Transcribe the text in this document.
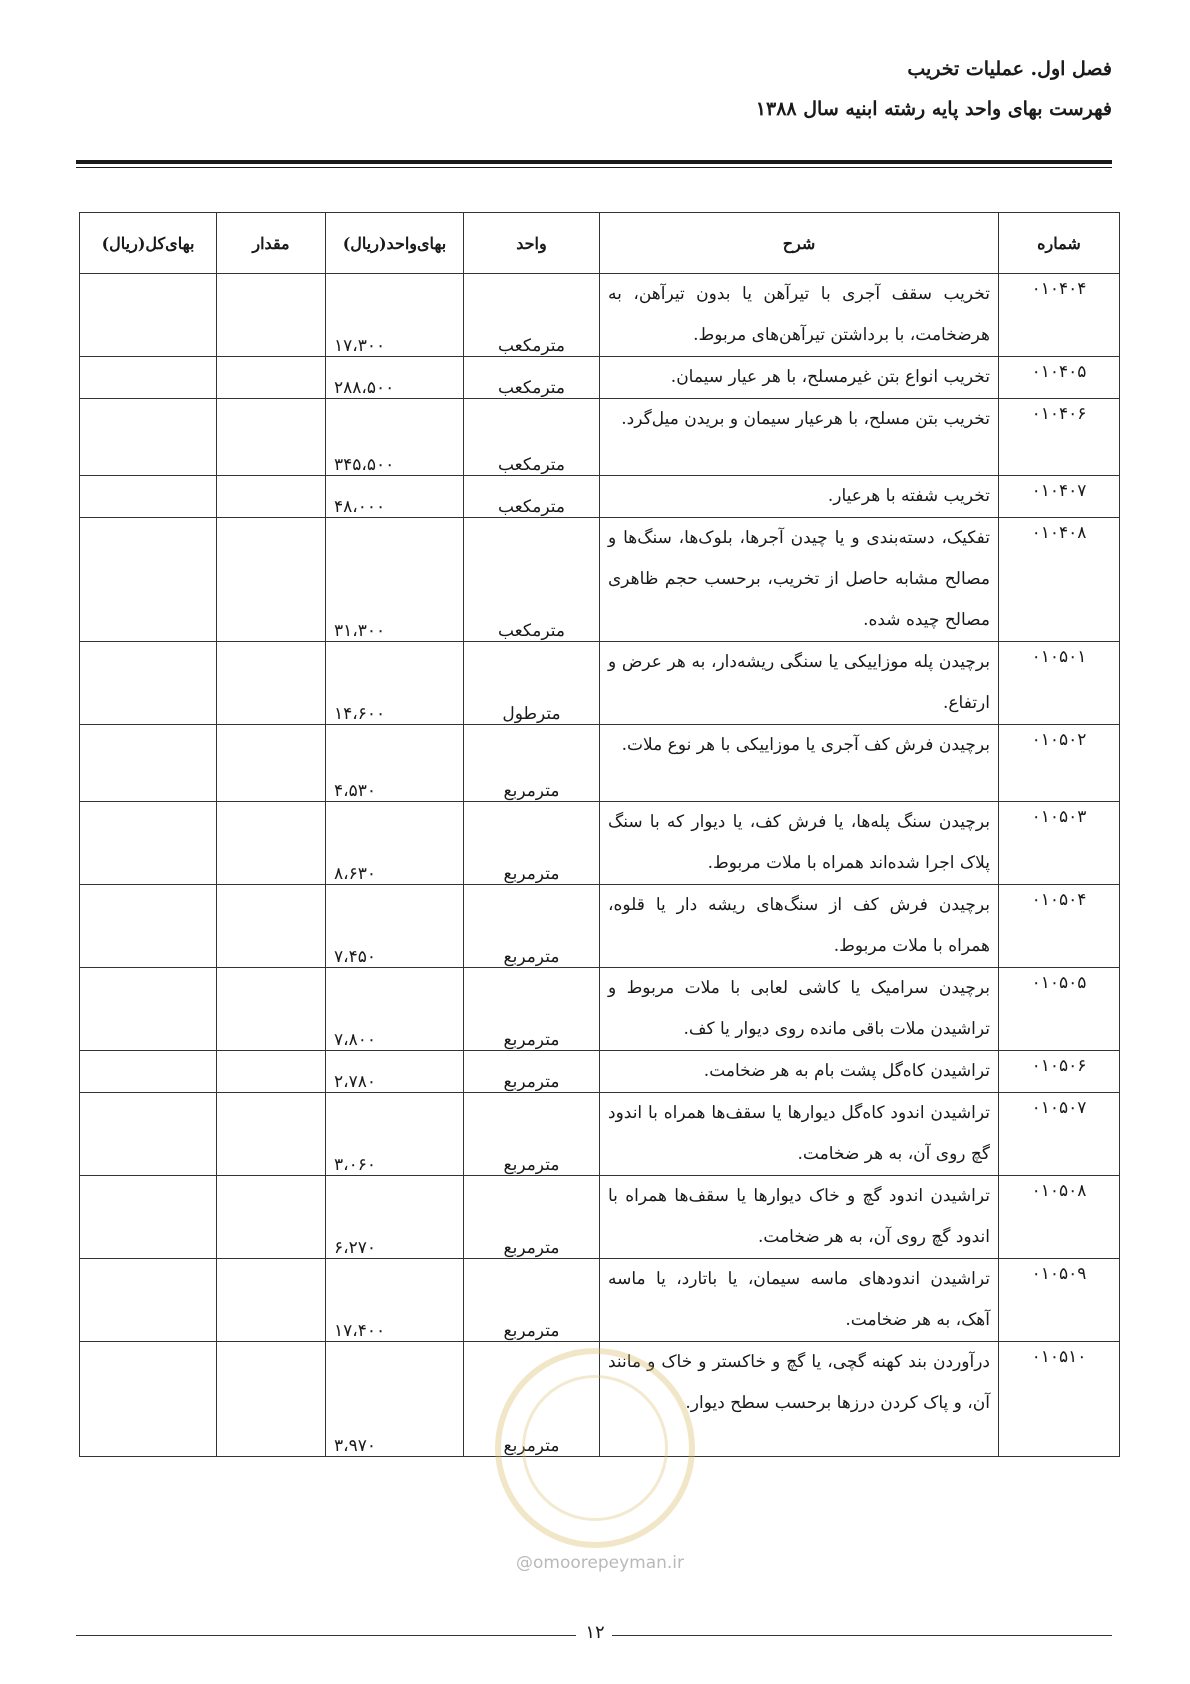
فصل اول. عملیات تخریب

فهرست بهای واحد پایه رشته ابنیه سال ۱۳۸۸

شماره	شرح	واحد	بهای‌واحد(ریال)	مقدار	بهای‌کل(ریال)
۰۱۰۴۰۴	تخریب سقف آجری با تیرآهن یا بدون تیرآهن، به هرضخامت، با برداشتن تیرآهن‌های مربوط.	مترمکعب	۱۷،۳۰۰		
۰۱۰۴۰۵	تخریب انواع بتن غیرمسلح، با هر عیار سیمان.	مترمکعب	۲۸۸،۵۰۰		
۰۱۰۴۰۶	تخریب بتن مسلح، با هرعیار سیمان و بریدن میل‌گرد.	مترمکعب	۳۴۵،۵۰۰		
۰۱۰۴۰۷	تخریب شفته با هرعیار.	مترمکعب	۴۸،۰۰۰		
۰۱۰۴۰۸	تفکیک، دسته‌بندی و یا چیدن آجرها، بلوک‌ها، سنگ‌ها و مصالح مشابه حاصل از تخریب، برحسب حجم ظاهری مصالح چیده شده.	مترمکعب	۳۱،۳۰۰		
۰۱۰۵۰۱	برچیدن پله موزاییکی یا سنگی ریشه‌دار، به هر عرض و ارتفاع.	مترطول	۱۴،۶۰۰		
۰۱۰۵۰۲	برچیدن فرش کف آجری یا موزاییکی با هر نوع ملات.	مترمربع	۴،۵۳۰		
۰۱۰۵۰۳	برچیدن سنگ پله‌ها، یا فرش کف، یا دیوار که با سنگ پلاک اجرا شده‌اند همراه با ملات مربوط.	مترمربع	۸،۶۳۰		
۰۱۰۵۰۴	برچیدن فرش کف از سنگ‌های ریشه دار یا قلوه، همراه با ملات مربوط.	مترمربع	۷،۴۵۰		
۰۱۰۵۰۵	برچیدن سرامیک یا کاشی لعابی با ملات مربوط و تراشیدن ملات باقی مانده روی دیوار یا کف.	مترمربع	۷،۸۰۰		
۰۱۰۵۰۶	تراشیدن کاه‌گل پشت بام به هر ضخامت.	مترمربع	۲،۷۸۰		
۰۱۰۵۰۷	تراشیدن اندود کاه‌گل دیوارها یا سقف‌ها همراه با اندود گچ روی آن، به هر ضخامت.	مترمربع	۳،۰۶۰		
۰۱۰۵۰۸	تراشیدن اندود گچ و خاک دیوارها یا سقف‌ها همراه با اندود گچ روی آن، به هر ضخامت.	مترمربع	۶،۲۷۰		
۰۱۰۵۰۹	تراشیدن اندودهای ماسه سیمان، یا باتارد، یا ماسه آهک، به هر ضخامت.	مترمربع	۱۷،۴۰۰		
۰۱۰۵۱۰	درآوردن بند کهنه گچی، یا گچ و خاکستر و خاک و مانند آن، و پاک کردن درزها برحسب سطح دیوار.	مترمربع	۳،۹۷۰		
@omoorepeyman.ir
۱۲
